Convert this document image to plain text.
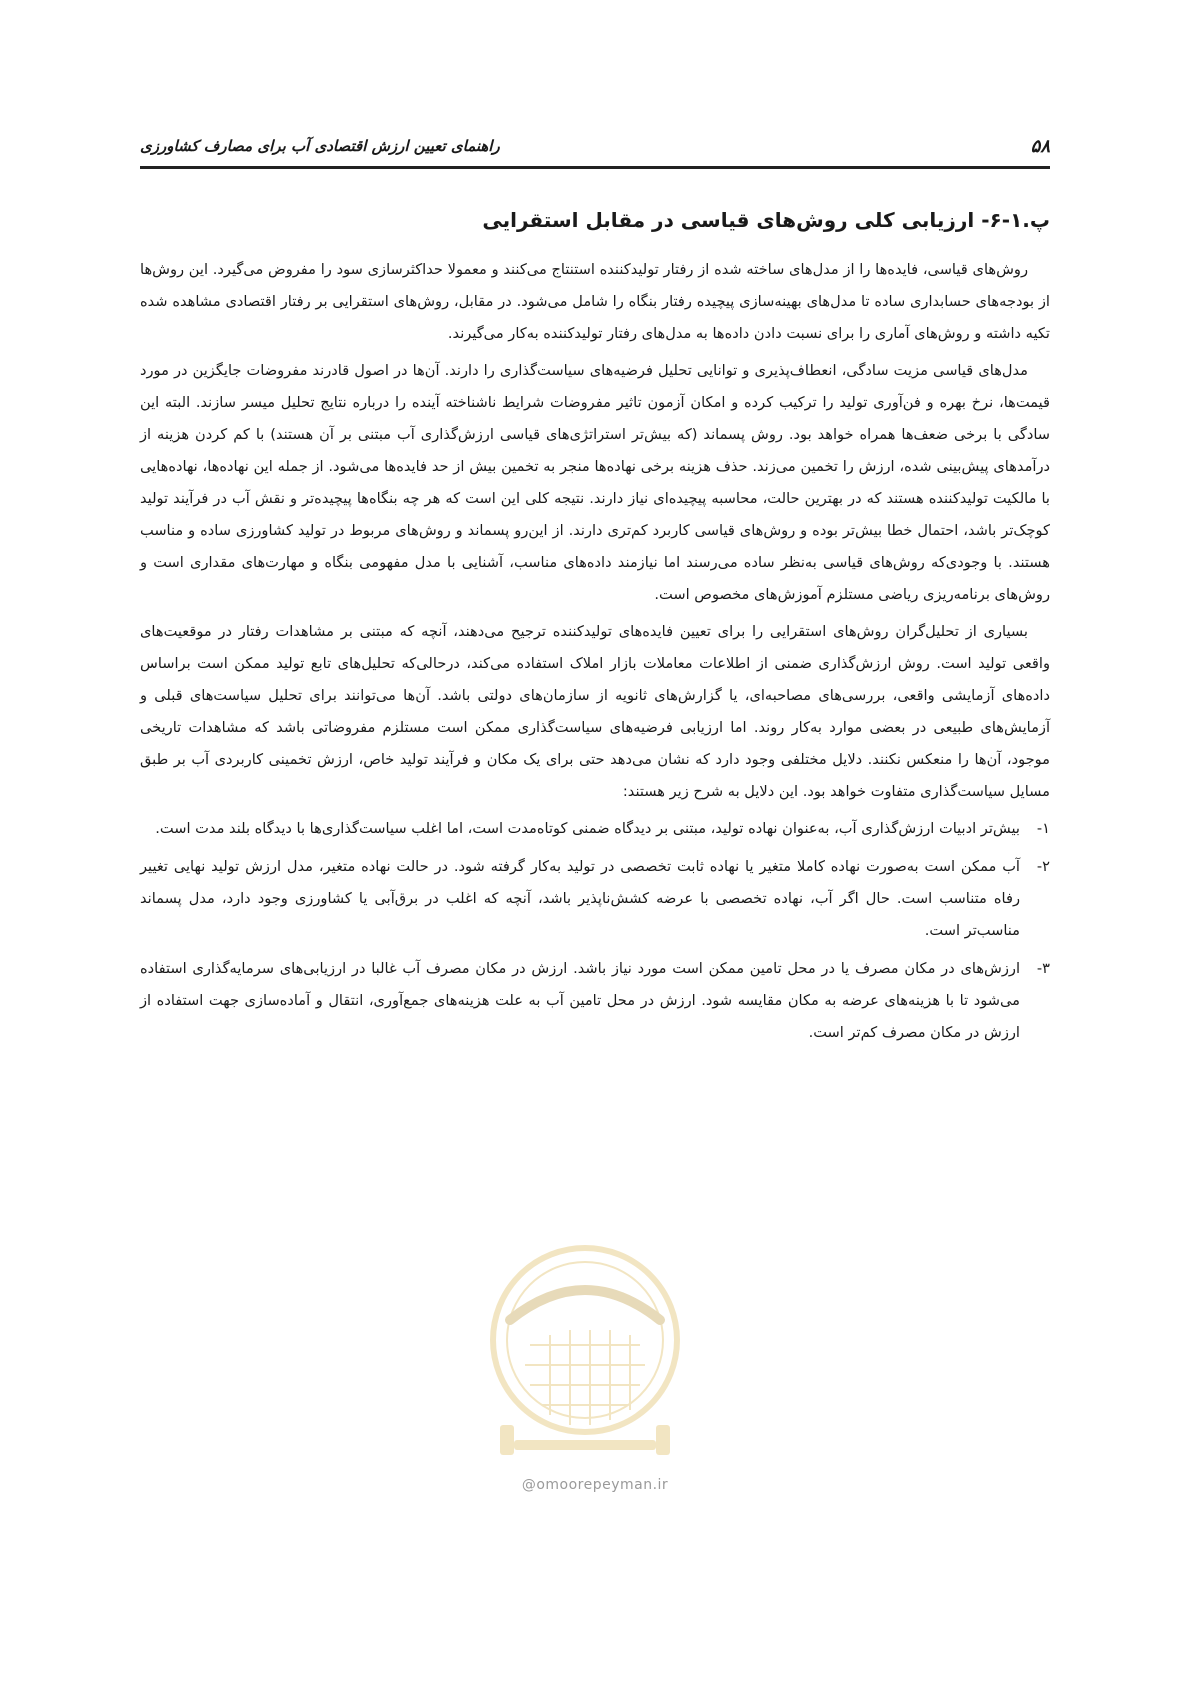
۵۸
راهنمای تعیین ارزش اقتصادی آب برای مصارف کشاورزی
پ.۱-۶- ارزیابی کلی روش‌های قیاسی در مقابل استقرایی

روش‌های قیاسی، فایده‌ها را از مدل‌های ساخته شده از رفتار تولیدکننده استنتاج می‌کنند و معمولا حداکثرسازی سود را مفروض می‌گیرد. این روش‌ها از بودجه‌های حسابداری ساده تا مدل‌های بهینه‌سازی پیچیده رفتار بنگاه را شامل می‌شود. در مقابل، روش‌های استقرایی بر رفتار اقتصادی مشاهده شده تکیه داشته و روش‌های آماری را برای نسبت دادن داده‌ها به مدل‌های رفتار تولیدکننده به‌کار می‌گیرند.

مدل‌های قیاسی مزیت سادگی، انعطاف‌پذیری و توانایی تحلیل فرضیه‌های سیاست‌گذاری را دارند. آن‌ها در اصول قادرند مفروضات جایگزین در مورد قیمت‌ها، نرخ بهره و فن‌آوری تولید را ترکیب کرده و امکان آزمون تاثیر مفروضات شرایط ناشناخته آینده را درباره نتایج تحلیل میسر سازند. البته این سادگی با برخی ضعف‌ها همراه خواهد بود. روش پسماند (که بیش‌تر استراتژی‌های قیاسی ارزش‌گذاری آب مبتنی بر آن هستند) با کم کردن هزینه از درآمدهای پیش‌بینی شده، ارزش را تخمین می‌زند. حذف هزینه برخی نهاده‌ها منجر به تخمین بیش از حد فایده‌ها می‌شود. از جمله این نهاده‌ها، نهاده‌هایی با مالکیت تولیدکننده هستند که در بهترین حالت، محاسبه پیچیده‌ای نیاز دارند. نتیجه کلی این است که هر چه بنگاه‌ها پیچیده‌تر و نقش آب در فرآیند تولید کوچک‌تر باشد، احتمال خطا بیش‌تر بوده و روش‌های قیاسی کاربرد کم‌تری دارند. از این‌رو پسماند و روش‌های مربوط در تولید کشاورزی ساده و مناسب هستند. با وجودی‌که روش‌های قیاسی به‌نظر ساده می‌رسند اما نیازمند داده‌های مناسب، آشنایی با مدل مفهومی بنگاه و مهارت‌های مقداری است و روش‌های برنامه‌ریزی ریاضی مستلزم آموزش‌های مخصوص است.

بسیاری از تحلیل‌گران روش‌های استقرایی را برای تعیین فایده‌های تولیدکننده ترجیح می‌دهند، آنچه که مبتنی بر مشاهدات رفتار در موقعیت‌های واقعی تولید است. روش ارزش‌گذاری ضمنی از اطلاعات معاملات بازار املاک استفاده می‌کند، درحالی‌که تحلیل‌های تابع تولید ممکن است براساس داده‌های آزمایشی واقعی، بررسی‌های مصاحبه‌ای، یا گزارش‌های ثانویه از سازمان‌های دولتی باشد. آن‌ها می‌توانند برای تحلیل سیاست‌های قبلی و آزمایش‌های طبیعی در بعضی موارد به‌کار روند. اما ارزیابی فرضیه‌های سیاست‌گذاری ممکن است مستلزم مفروضاتی باشد که مشاهدات تاریخی موجود، آن‌ها را منعکس نکنند. دلایل مختلفی وجود دارد که نشان می‌دهد حتی برای یک مکان و فرآیند تولید خاص، ارزش تخمینی کاربردی آب بر طبق مسایل سیاست‌گذاری متفاوت خواهد بود. این دلایل به شرح زیر هستند:

۱-
بیش‌تر ادبیات ارزش‌گذاری آب، به‌عنوان نهاده تولید، مبتنی بر دیدگاه ضمنی کوتاه‌مدت است، اما اغلب سیاست‌گذاری‌ها با دیدگاه بلند مدت است.
۲-
آب ممکن است به‌صورت نهاده کاملا متغیر یا نهاده ثابت تخصصی در تولید به‌کار گرفته شود. در حالت نهاده متغیر، مدل ارزش تولید نهایی تغییر رفاه متناسب است. حال اگر آب، نهاده تخصصی با عرضه کشش‌ناپذیر باشد، آنچه که اغلب در برق‌آبی یا کشاورزی وجود دارد، مدل پسماند مناسب‌تر است.
۳-
ارزش‌های در مکان مصرف یا در محل تامین ممکن است مورد نیاز باشد. ارزش در مکان مصرف آب غالبا در ارزیابی‌های سرمایه‌گذاری استفاده می‌شود تا با هزینه‌های عرضه به مکان مقایسه شود. ارزش در محل تامین آب به علت هزینه‌های جمع‌آوری، انتقال و آماده‌سازی جهت استفاده از ارزش در مکان مصرف کم‌تر است.
@omoorepeyman.ir
